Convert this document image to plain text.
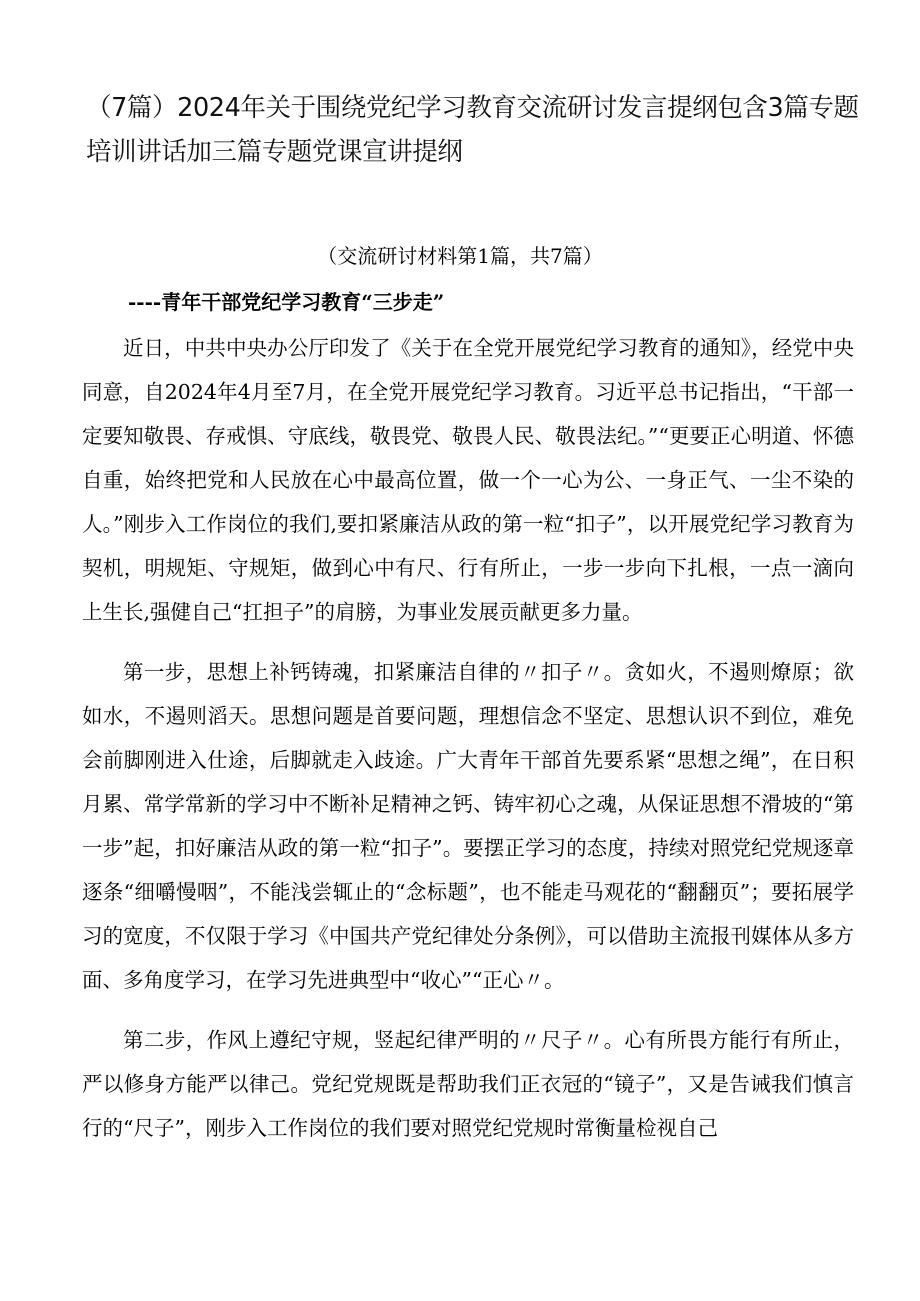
（7篇）2024年关于围绕党纪学习教育交流研讨发言提纲包含3篇专题培训讲话加三篇专题党课宣讲提纲
（交流研讨材料第1篇，共7篇）
----青年干部党纪学习教育“三步走”

近日，中共中央办公厅印发了《关于在全党开展党纪学习教育的通知》，经党中央同意，自2024年4月至7月，在全党开展党纪学习教育。习近平总书记指出，“干部一定要知敬畏、存戒惧、守底线，敬畏党、敬畏人民、敬畏法纪。”“更要正心明道、怀德自重，始终把党和人民放在心中最高位置，做一个一心为公、一身正气、一尘不染的人。”刚步入工作岗位的我们,要扣紧廉洁从政的第一粒“扣子”，以开展党纪学习教育为契机，明规矩、守规矩，做到心中有尺、行有所止，一步一步向下扎根，一点一滴向上生长,强健自己“扛担子”的肩膀，为事业发展贡献更多力量。

第一步，思想上补钙铸魂，扣紧廉洁自律的〃扣子〃。贪如火，不遏则燎原；欲如水，不遏则滔天。思想问题是首要问题，理想信念不坚定、思想认识不到位，难免会前脚刚进入仕途，后脚就走入歧途。广大青年干部首先要系紧“思想之绳”，在日积月累、常学常新的学习中不断补足精神之钙、铸牢初心之魂，从保证思想不滑坡的“第一步”起，扣好廉洁从政的第一粒“扣子”。要摆正学习的态度，持续对照党纪党规逐章逐条“细嚼慢咽”，不能浅尝辄止的“念标题”，也不能走马观花的“翻翻页”；要拓展学习的宽度，不仅限于学习《中国共产党纪律处分条例》，可以借助主流报刊媒体从多方面、多角度学习，在学习先进典型中“收心”“正心〃。

第二步，作风上遵纪守规，竖起纪律严明的〃尺子〃。心有所畏方能行有所止，严以修身方能严以律己。党纪党规既是帮助我们正衣冠的“镜子”，又是告诫我们慎言行的“尺子”，刚步入工作岗位的我们要对照党纪党规时常衡量检视自己
